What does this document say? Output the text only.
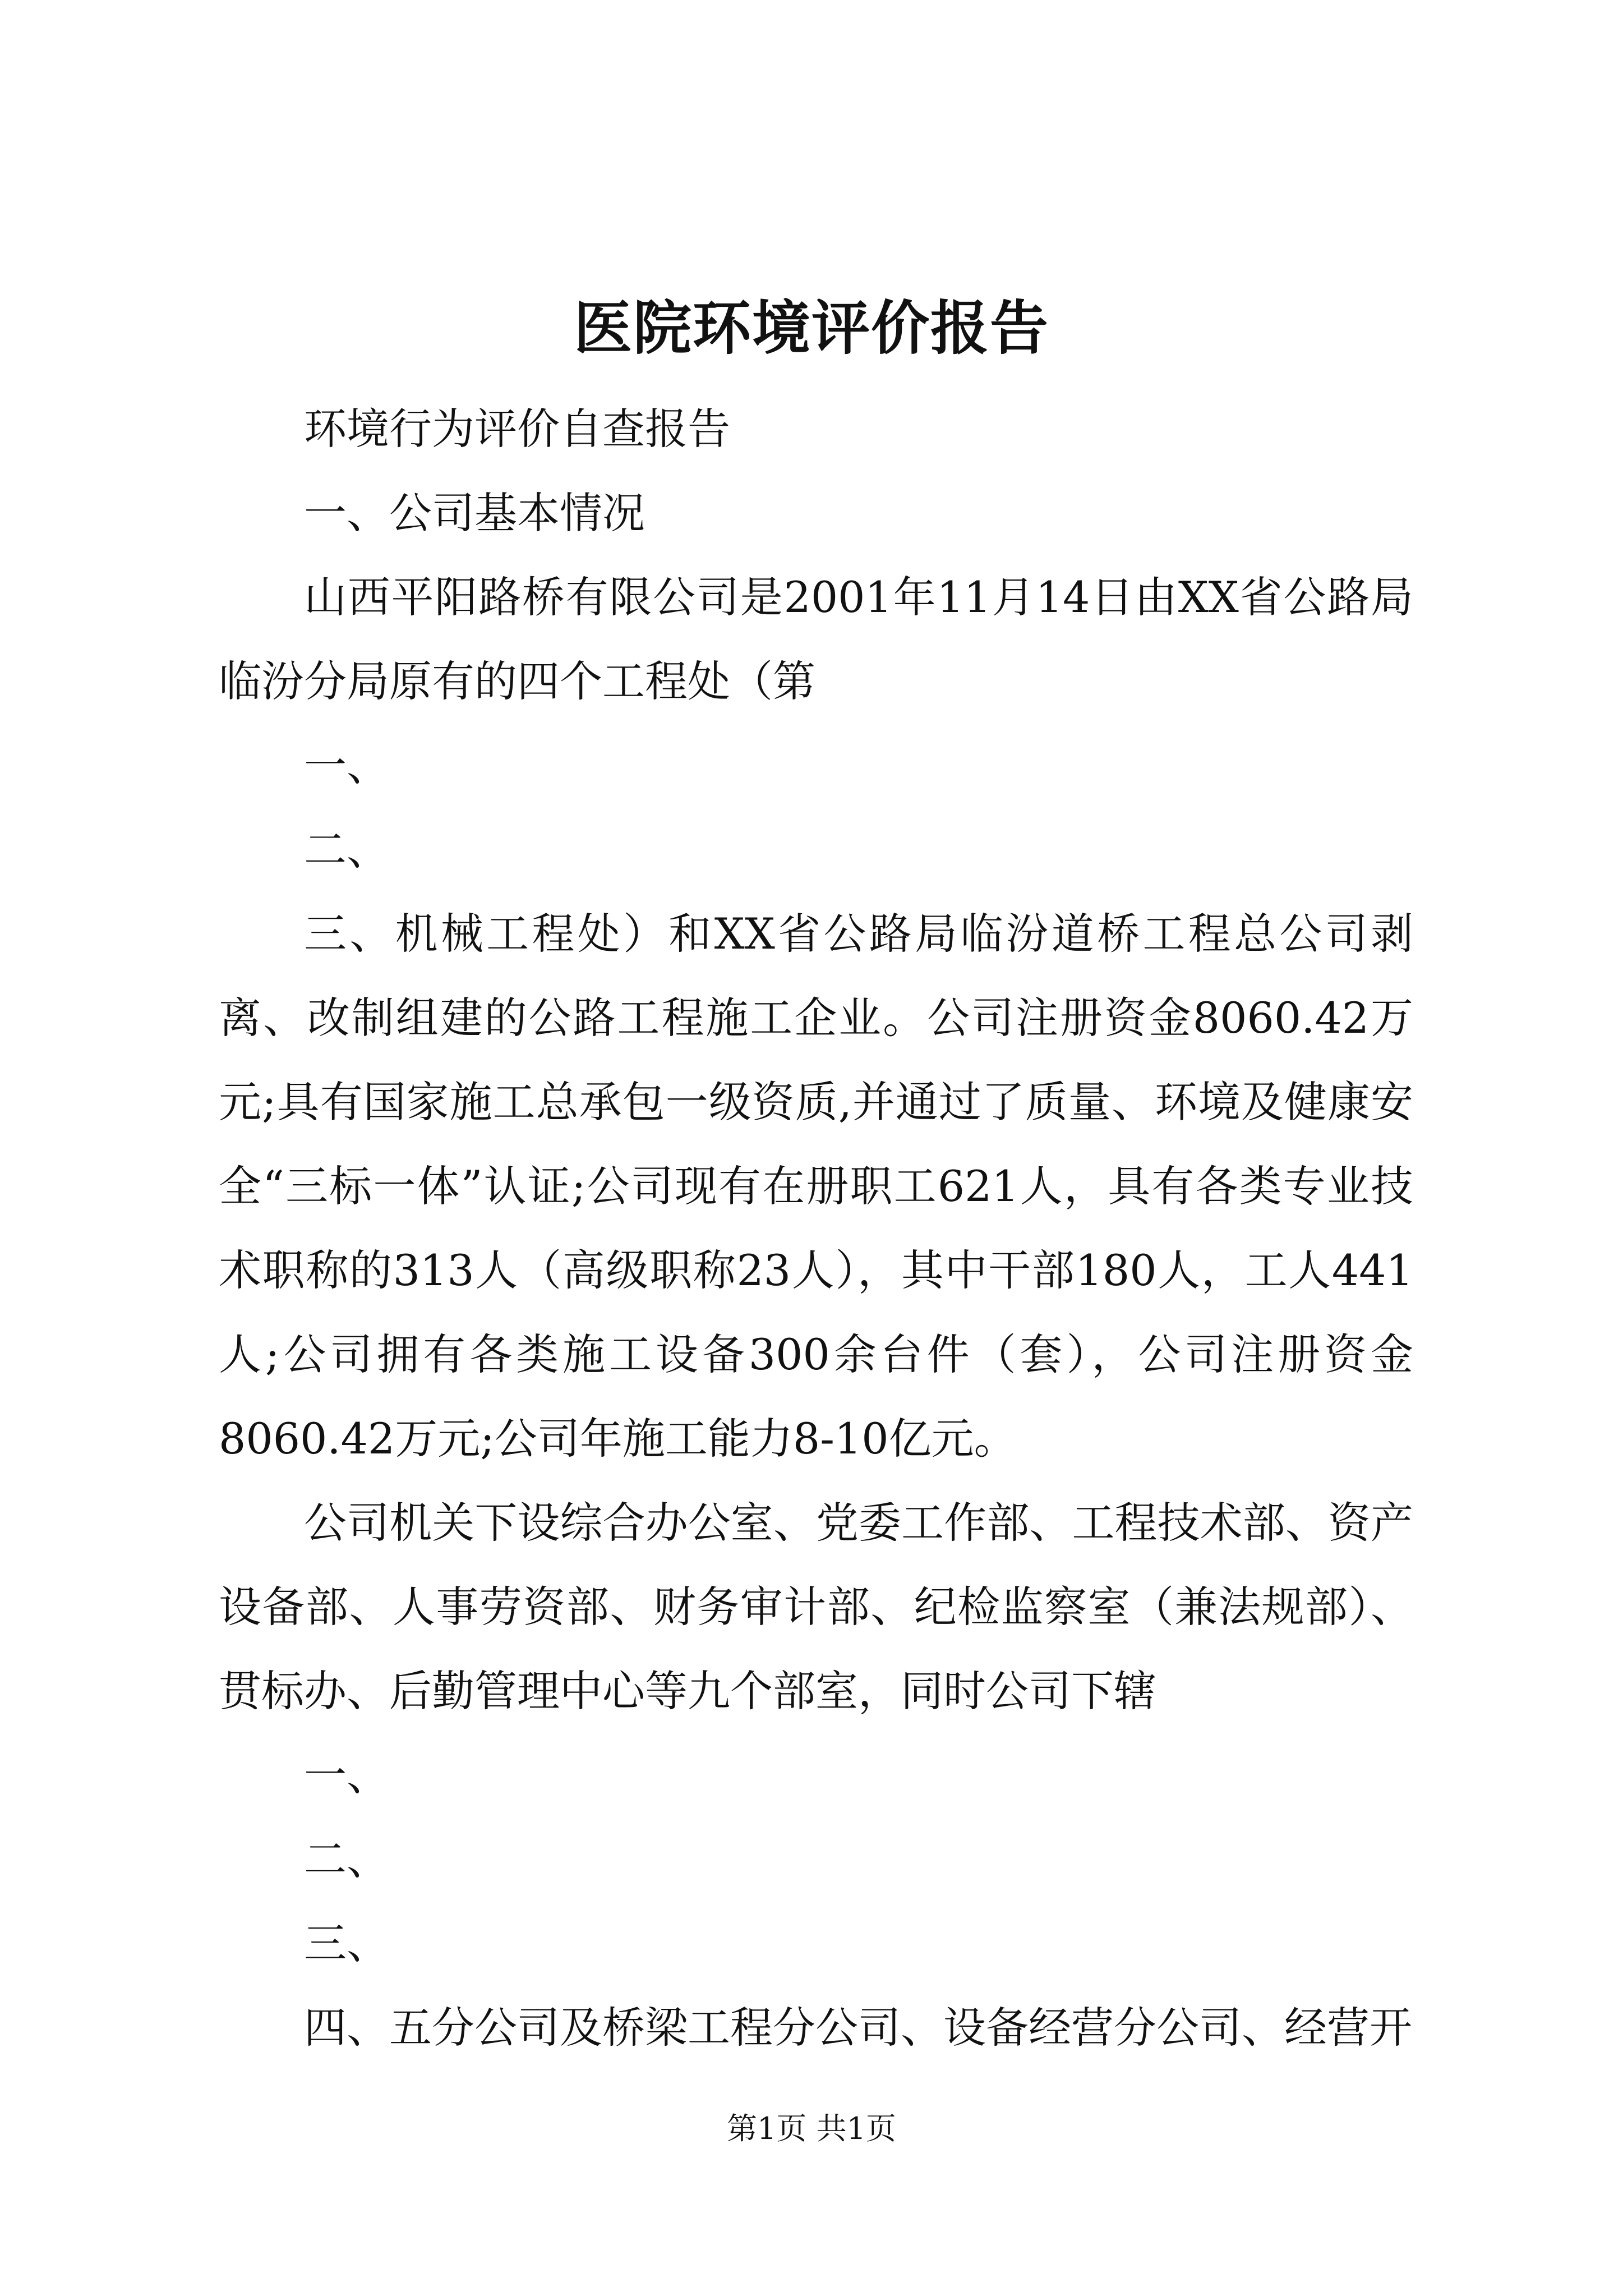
医院环境评价报告

环境行为评价自查报告

一、公司基本情况

山西平阳路桥有限公司是2001年11月14日由XX省公路局临汾分局原有的四个工程处（第

一、

二、

三、机械工程处）和XX省公路局临汾道桥工程总公司剥离、改制组建的公路工程施工企业。公司注册资金8060.42万元;具有国家施工总承包一级资质,并通过了质量、环境及健康安全“三标一体”认证;公司现有在册职工621人，具有各类专业技术职称的313人（高级职称23人），其中干部180人，工人441人;公司拥有各类施工设备300余台件（套），公司注册资金8060.42万元;公司年施工能力8-10亿元。

公司机关下设综合办公室、党委工作部、工程技术部、资产设备部、人事劳资部、财务审计部、纪检监察室（兼法规部）、贯标办、后勤管理中心等九个部室，同时公司下辖

一、

二、

三、

四、五分公司及桥梁工程分公司、设备经营分公司、经营开

第1页 共1页
